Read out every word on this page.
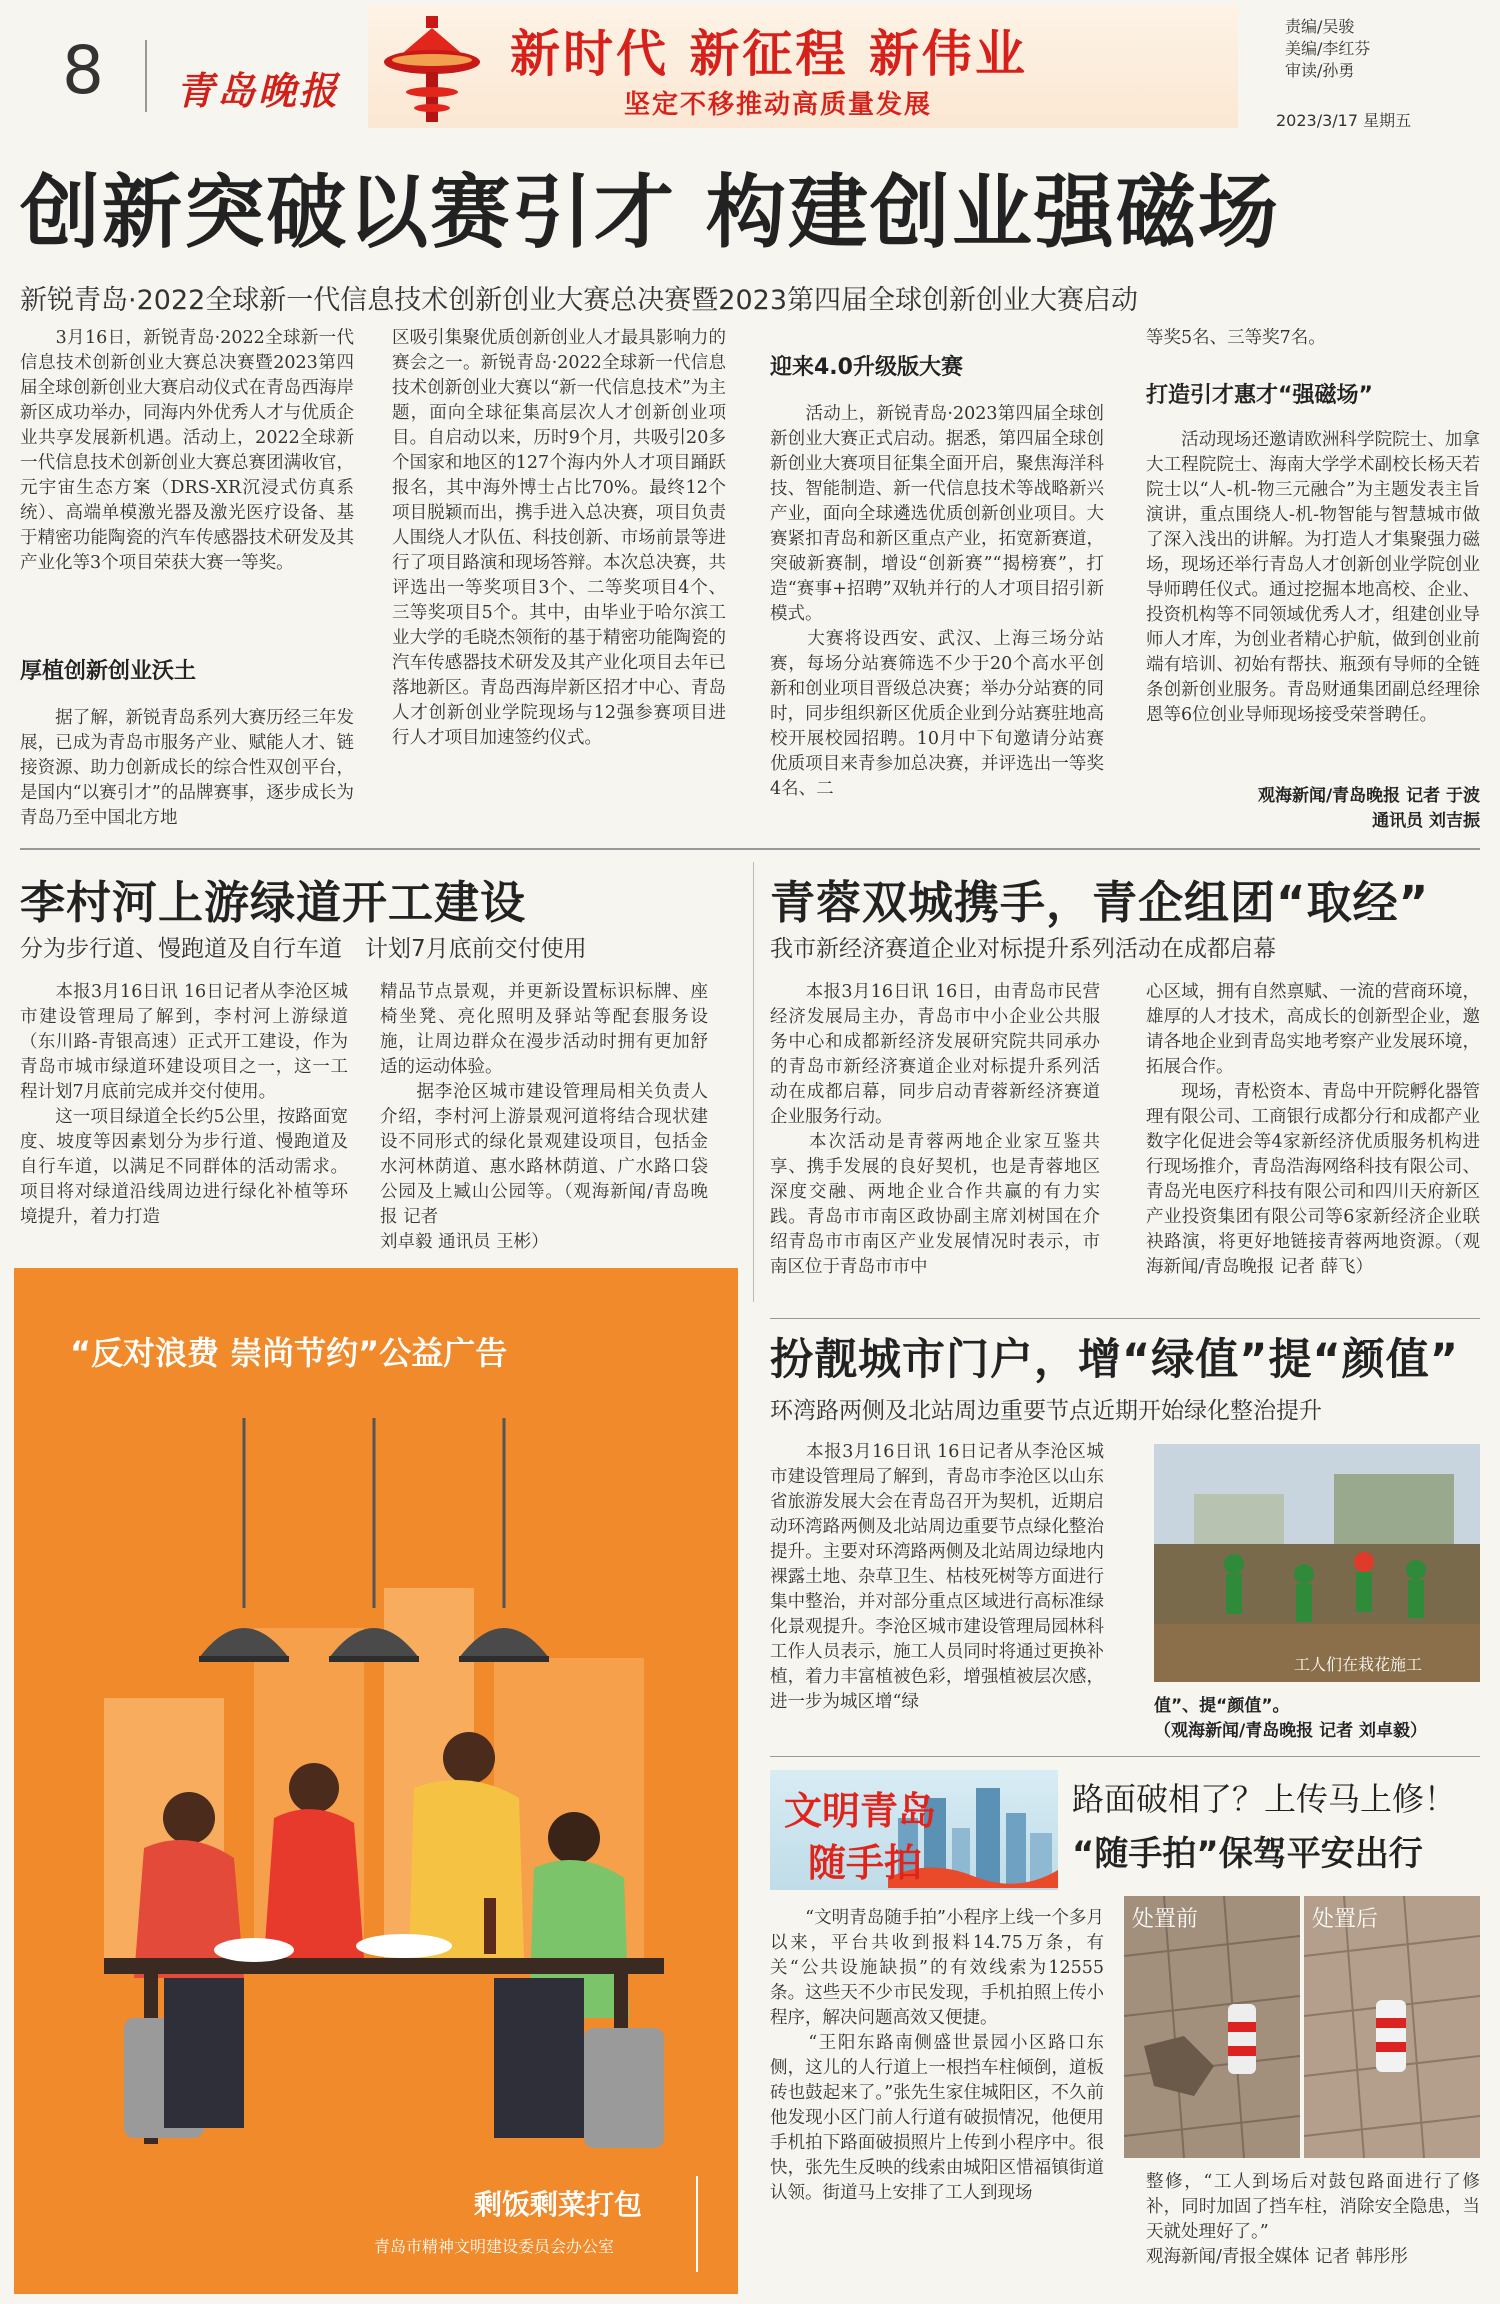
8 青岛晚报
新时代 新征程 新伟业
坚定不移推动高质量发展
责编/吴骏
美编/李红芬
审读/孙勇
2023/3/17 星期五
创新突破以赛引才 构建创业强磁场
新锐青岛·2022全球新一代信息技术创新创业大赛总决赛暨2023第四届全球创新创业大赛启动
　　3月16日，新锐青岛·2022全球新一代信息技术创新创业大赛总决赛暨2023第四届全球创新创业大赛启动仪式在青岛西海岸新区成功举办，同海内外优秀人才与优质企业共享发展新机遇。活动上，2022全球新一代信息技术创新创业大赛总赛团满收官，元宇宙生态方案（DRS-XR沉浸式仿真系统）、高端单模激光器及激光医疗设备、基于精密功能陶瓷的汽车传感器技术研发及其产业化等3个项目荣获大赛一等奖。
厚植创新创业沃土
　　据了解，新锐青岛系列大赛历经三年发展，已成为青岛市服务产业、赋能人才、链接资源、助力创新成长的综合性双创平台，是国内“以赛引才”的品牌赛事，逐步成长为青岛乃至中国北方地
区吸引集聚优质创新创业人才最具影响力的赛会之一。新锐青岛·2022全球新一代信息技术创新创业大赛以“新一代信息技术”为主题，面向全球征集高层次人才创新创业项目。自启动以来，历时9个月，共吸引20多个国家和地区的127个海内外人才项目踊跃报名，其中海外博士占比70%。最终12个项目脱颖而出，携手进入总决赛，项目负责人围绕人才队伍、科技创新、市场前景等进行了项目路演和现场答辩。本次总决赛，共评选出一等奖项目3个、二等奖项目4个、三等奖项目5个。其中，由毕业于哈尔滨工业大学的毛晓杰领衔的基于精密功能陶瓷的汽车传感器技术研发及其产业化项目去年已落地新区。青岛西海岸新区招才中心、青岛人才创新创业学院现场与12强参赛项目进行人才项目加速签约仪式。
迎来4.0升级版大赛
　　活动上，新锐青岛·2023第四届全球创新创业大赛正式启动。据悉，第四届全球创新创业大赛项目征集全面开启，聚焦海洋科技、智能制造、新一代信息技术等战略新兴产业，面向全球遴选优质创新创业项目。大赛紧扣青岛和新区重点产业，拓宽新赛道，突破新赛制，增设“创新赛”“揭榜赛”，打造“赛事+招聘”双轨并行的人才项目招引新模式。
　　大赛将设西安、武汉、上海三场分站赛，每场分站赛筛选不少于20个高水平创新和创业项目晋级总决赛；举办分站赛的同时，同步组织新区优质企业到分站赛驻地高校开展校园招聘。10月中下旬邀请分站赛优质项目来青参加总决赛，并评选出一等奖4名、二
等奖5名、三等奖7名。
打造引才惠才“强磁场”
　　活动现场还邀请欧洲科学院院士、加拿大工程院院士、海南大学学术副校长杨天若院士以“人-机-物三元融合”为主题发表主旨演讲，重点围绕人-机-物智能与智慧城市做了深入浅出的讲解。为打造人才集聚强力磁场，现场还举行青岛人才创新创业学院创业导师聘任仪式。通过挖掘本地高校、企业、投资机构等不同领域优秀人才，组建创业导师人才库，为创业者精心护航，做到创业前端有培训、初始有帮扶、瓶颈有导师的全链条创新创业服务。青岛财通集团副总经理徐恩等6位创业导师现场接受荣誉聘任。
观海新闻/青岛晚报 记者 于波
通讯员 刘吉振
李村河上游绿道开工建设
分为步行道、慢跑道及自行车道　计划7月底前交付使用
　　本报3月16日讯 16日记者从李沧区城市建设管理局了解到，李村河上游绿道（东川路-青银高速）正式开工建设，作为青岛市城市绿道环建设项目之一，这一工程计划7月底前完成并交付使用。
　　这一项目绿道全长约5公里，按路面宽度、坡度等因素划分为步行道、慢跑道及自行车道，以满足不同群体的活动需求。项目将对绿道沿线周边进行绿化补植等环境提升，着力打造
精品节点景观，并更新设置标识标牌、座椅坐凳、亮化照明及驿站等配套服务设施，让周边群众在漫步活动时拥有更加舒适的运动体验。
　　据李沧区城市建设管理局相关负责人介绍，李村河上游景观河道将结合现状建设不同形式的绿化景观建设项目，包括金水河林荫道、惠水路林荫道、广水路口袋公园及上臧山公园等。（观海新闻/青岛晚报 记者
刘卓毅 通讯员 王彬）
“反对浪费 崇尚节约”公益广告
剩饭剩菜打包
青岛市精神文明建设委员会办公室
青蓉双城携手，青企组团“取经”
我市新经济赛道企业对标提升系列活动在成都启幕
　　本报3月16日讯 16日，由青岛市民营经济发展局主办，青岛市中小企业公共服务中心和成都新经济发展研究院共同承办的青岛市新经济赛道企业对标提升系列活动在成都启幕，同步启动青蓉新经济赛道企业服务行动。
　　本次活动是青蓉两地企业家互鉴共享、携手发展的良好契机，也是青蓉地区深度交融、两地企业合作共赢的有力实践。青岛市市南区政协副主席刘树国在介绍青岛市市南区产业发展情况时表示，市南区位于青岛市市中
心区域，拥有自然禀赋、一流的营商环境，雄厚的人才技术，高成长的创新型企业，邀请各地企业到青岛实地考察产业发展环境，拓展合作。
　　现场，青松资本、青岛中开院孵化器管理有限公司、工商银行成都分行和成都产业数字化促进会等4家新经济优质服务机构进行现场推介，青岛浩海网络科技有限公司、青岛光电医疗科技有限公司和四川天府新区产业投资集团有限公司等6家新经济企业联袂路演，将更好地链接青蓉两地资源。（观海新闻/青岛晚报 记者 薛飞）
扮靓城市门户，增“绿值”提“颜值”
环湾路两侧及北站周边重要节点近期开始绿化整治提升
　　本报3月16日讯 16日记者从李沧区城市建设管理局了解到，青岛市李沧区以山东省旅游发展大会在青岛召开为契机，近期启动环湾路两侧及北站周边重要节点绿化整治提升。主要对环湾路两侧及北站周边绿地内裸露土地、杂草卫生、枯枝死树等方面进行集中整治，并对部分重点区域进行高标准绿化景观提升。李沧区城市建设管理局园林科工作人员表示，施工人员同时将通过更换补植，着力丰富植被色彩，增强植被层次感，进一步为城区增“绿
工人们在栽花施工
值”、提“颜值”。
（观海新闻/青岛晚报 记者 刘卓毅）
文明青岛
随手拍
路面破相了？上传马上修！
“随手拍”保驾平安出行
　　“文明青岛随手拍”小程序上线一个多月以来，平台共收到报料14.75万条，有关“公共设施缺损”的有效线索为12555条。这些天不少市民发现，手机拍照上传小程序，解决问题高效又便捷。
　　“王阳东路南侧盛世景园小区路口东侧，这儿的人行道上一根挡车柱倾倒，道板砖也鼓起来了。”张先生家住城阳区，不久前他发现小区门前人行道有破损情况，他便用手机拍下路面破损照片上传到小程序中。很快，张先生反映的线索由城阳区惜福镇街道认领。街道马上安排了工人到现场
处置前	处置后
整修，“工人到场后对鼓包路面进行了修补，同时加固了挡车柱，消除安全隐患，当天就处理好了。”
观海新闻/青报全媒体 记者 韩彤彤
